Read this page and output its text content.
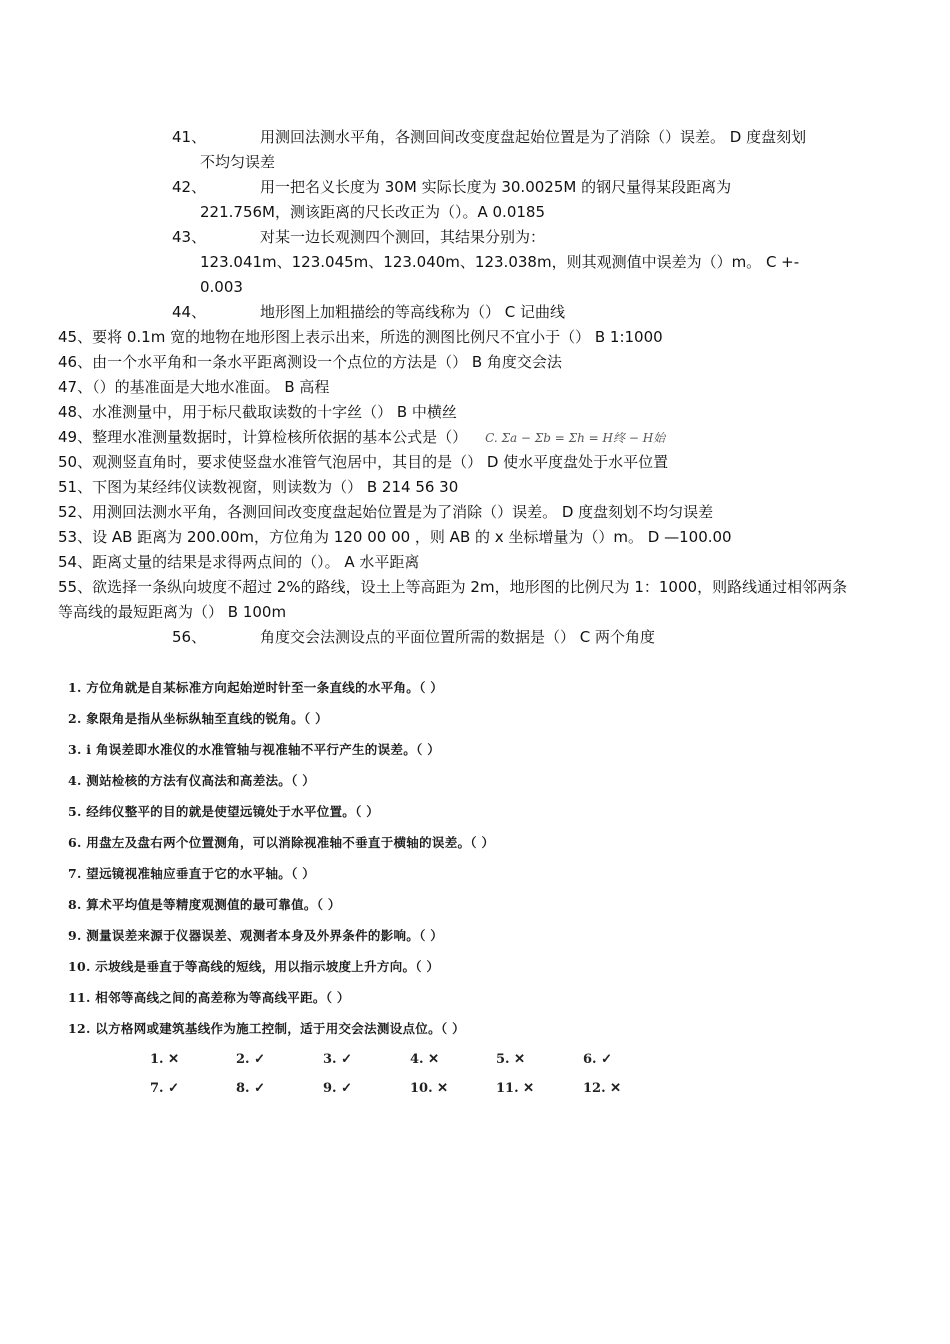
41、	用测回法测水平角，各测回间改变度盘起始位置是为了消除（）误差。 D 度盘刻划
不均匀误差
42、	用一把名义长度为 30M 实际长度为 30.0025M 的钢尺量得某段距离为
221.756M，测该距离的尺长改正为（）。A 0.0185
43、	对某一边长观测四个测回，其结果分别为：
123.041m、123.045m、123.040m、123.038m，则其观测值中误差为（）m。 C +-
0.003
44、	地形图上加粗描绘的等高线称为（） C 记曲线
45、要将 0.1m 宽的地物在地形图上表示出来，所选的测图比例尺不宜小于（） B 1:1000
46、由一个水平角和一条水平距离测设一个点位的方法是（） B 角度交会法
47、（）的基准面是大地水准面。 B 高程
48、水准测量中，用于标尺截取读数的十字丝（） B 中横丝
49、整理水准测量数据时，计算检核所依据的基本公式是（） C. Σa − Σb = Σh = H终 − H始
50、观测竖直角时，要求使竖盘水准管气泡居中，其目的是（） D 使水平度盘处于水平位置
51、下图为某经纬仪读数视窗，则读数为（） B 214 56 30
52、用测回法测水平角，各测回间改变度盘起始位置是为了消除（）误差。 D 度盘刻划不均匀误差
53、设 AB 距离为 200.00m，方位角为 120 00 00 ，则 AB 的 x 坐标增量为（）m。 D —100.00
54、距离丈量的结果是求得两点间的（）。 A 水平距离
55、欲选择一条纵向坡度不超过 2%的路线，设土上等高距为 2m，地形图的比例尺为 1：1000，则路线通过相邻两条等高线的最短距离为（） B 100m
56、	角度交会法测设点的平面位置所需的数据是（） C 两个角度
1. 方位角就是自某标准方向起始逆时针至一条直线的水平角。（ ）
2. 象限角是指从坐标纵轴至直线的锐角。（ ）
3. i 角误差即水准仪的水准管轴与视准轴不平行产生的误差。（ ）
4. 测站检核的方法有仪高法和高差法。（ ）
5. 经纬仪整平的目的就是使望远镜处于水平位置。（ ）
6. 用盘左及盘右两个位置测角，可以消除视准轴不垂直于横轴的误差。（ ）
7. 望远镜视准轴应垂直于它的水平轴。（ ）
8. 算术平均值是等精度观测值的最可靠值。（ ）
9. 测量误差来源于仪器误差、观测者本身及外界条件的影响。（ ）
10. 示坡线是垂直于等高线的短线，用以指示坡度上升方向。（ ）
11. 相邻等高线之间的高差称为等高线平距。（ ）
12. 以方格网或建筑基线作为施工控制，适于用交会法测设点位。（ ）
1. ✕	2. ✓	3. ✓	4. ✕	5. ✕	6. ✓
7. ✓	8. ✓	9. ✓	10. ✕	11. ✕	12. ✕
